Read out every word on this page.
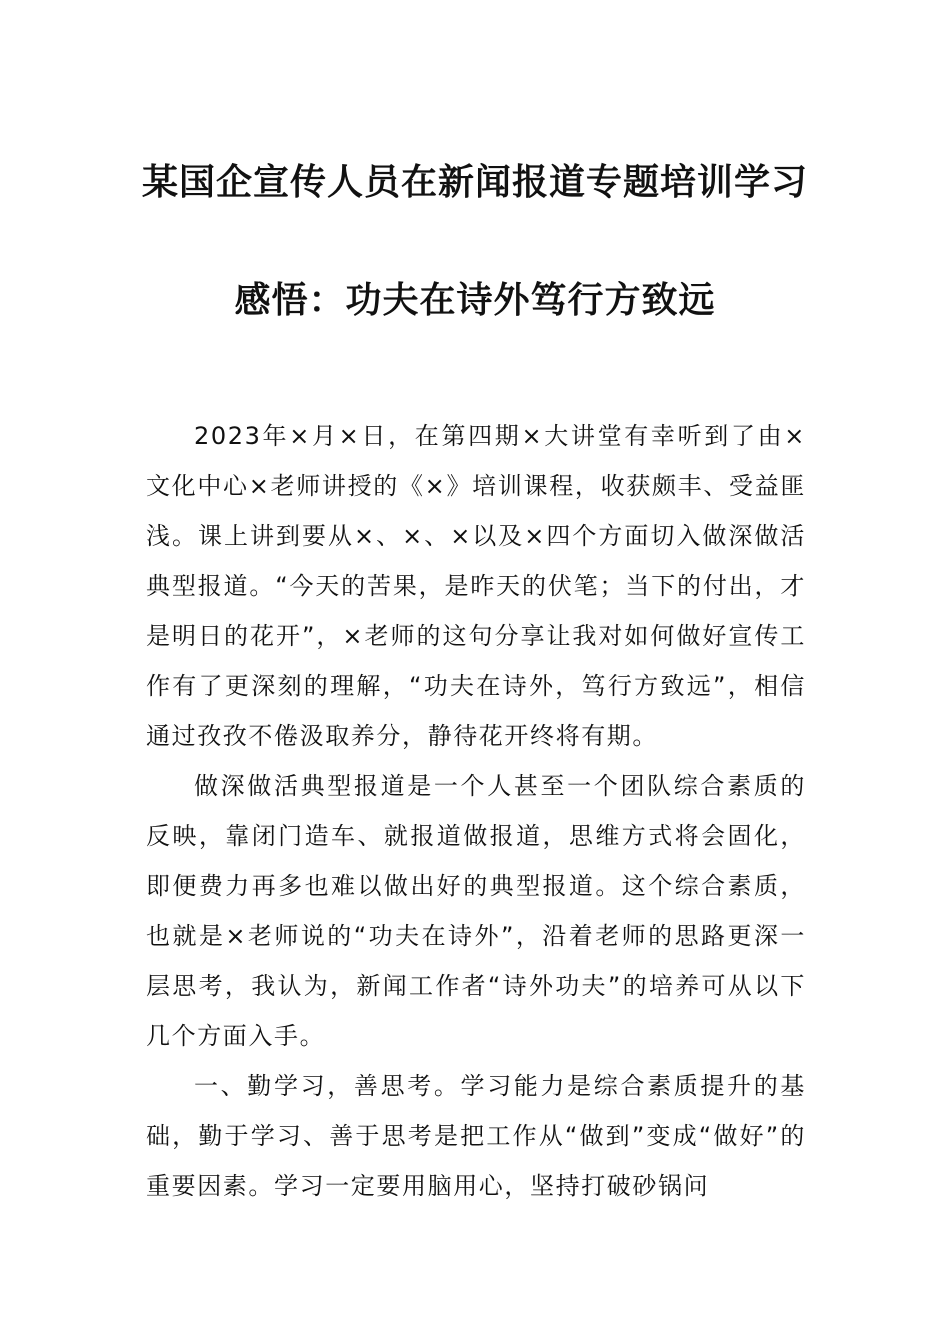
某国企宣传人员在新闻报道专题培训学习
感悟：功夫在诗外笃行方致远

2023年×月×日，在第四期×大讲堂有幸听到了由×文化中心×老师讲授的《×》培训课程，收获颇丰、受益匪浅。课上讲到要从×、×、×以及×四个方面切入做深做活典型报道。“今天的苦果，是昨天的伏笔；当下的付出，才是明日的花开”，×老师的这句分享让我对如何做好宣传工作有了更深刻的理解，“功夫在诗外，笃行方致远”，相信通过孜孜不倦汲取养分，静待花开终将有期。

做深做活典型报道是一个人甚至一个团队综合素质的反映，靠闭门造车、就报道做报道，思维方式将会固化，即便费力再多也难以做出好的典型报道。这个综合素质，也就是×老师说的“功夫在诗外”，沿着老师的思路更深一层思考，我认为，新闻工作者“诗外功夫”的培养可从以下几个方面入手。

一、勤学习，善思考。学习能力是综合素质提升的基础，勤于学习、善于思考是把工作从“做到”变成“做好”的重要因素。学习一定要用脑用心，坚持打破砂锅问
